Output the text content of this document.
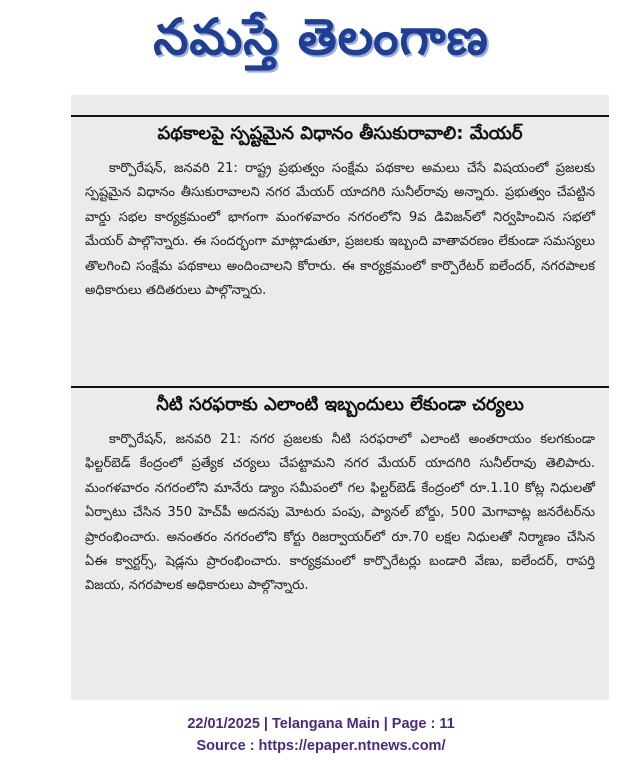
నమస్తే తెలంగాణ
పథకాలపై స్పష్టమైన విధానం తీసుకురావాలి: మేయర్
కార్పొరేషన్, జనవరి 21: రాష్ట్ర ప్రభుత్వం సంక్షేమ పథకాల అమలు చేసే విషయంలో ప్రజలకు స్పష్టమైన విధానం తీసుకురావాలని నగర మేయర్ యాదగిరి సునీల్‌రావు అన్నారు. ప్రభుత్వం చేపట్టిన వార్డు సభల కార్యక్రమంలో భాగంగా మంగళవారం నగరంలోని 9వ డివిజన్‌లో నిర్వహించిన సభలో మేయర్ పాల్గొన్నారు. ఈ సందర్భంగా మాట్లాడుతూ, ప్రజలకు ఇబ్బంది వాతావరణం లేకుండా సమస్యలు తొలగించి సంక్షేమ పథకాలు అందించాలని కోరారు. ఈ కార్యక్రమంలో కార్పొరేటర్ ఐలేందర్, నగరపాలక అధికారులు తదితరులు పాల్గొన్నారు.
నీటి సరఫరాకు ఎలాంటి ఇబ్బందులు లేకుండా చర్యలు
కార్పొరేషన్, జనవరి 21: నగర ప్రజలకు నీటి సరఫరాలో ఎలాంటి అంతరాయం కలగకుండా ఫిల్టర్‌బెడ్ కేంద్రంలో ప్రత్యేక చర్యలు చేపట్టామని నగర మేయర్ యాదగిరి సునీల్‌రావు తెలిపారు. మంగళవారం నగరంలోని మానేరు డ్యాం సమీపంలో గల ఫిల్టర్‌బెడ్ కేంద్రంలో రూ.1.10 కోట్ల నిధులతో ఏర్పాటు చేసిన 350 హెచ్‌పీ అదనపు మోటరు పంపు, ప్యానల్ బోర్డు, 500 మెగావాట్ల జనరేటర్‌ను ప్రారంభించారు. అనంతరం నగరంలోని కోర్టు రిజర్వాయర్‌లో రూ.70 లక్షల నిధులతో నిర్మాణం చేసిన ఏఈ క్వార్టర్స్, షెడ్లను ప్రారంభించారు. కార్యక్రమంలో కార్పొరేటర్లు బండారి వేణు, ఐలేందర్, రాపర్తి విజయ, నగరపాలక అధికారులు పాల్గొన్నారు.
22/01/2025 | Telangana Main | Page : 11
Source : https://epaper.ntnews.com/
